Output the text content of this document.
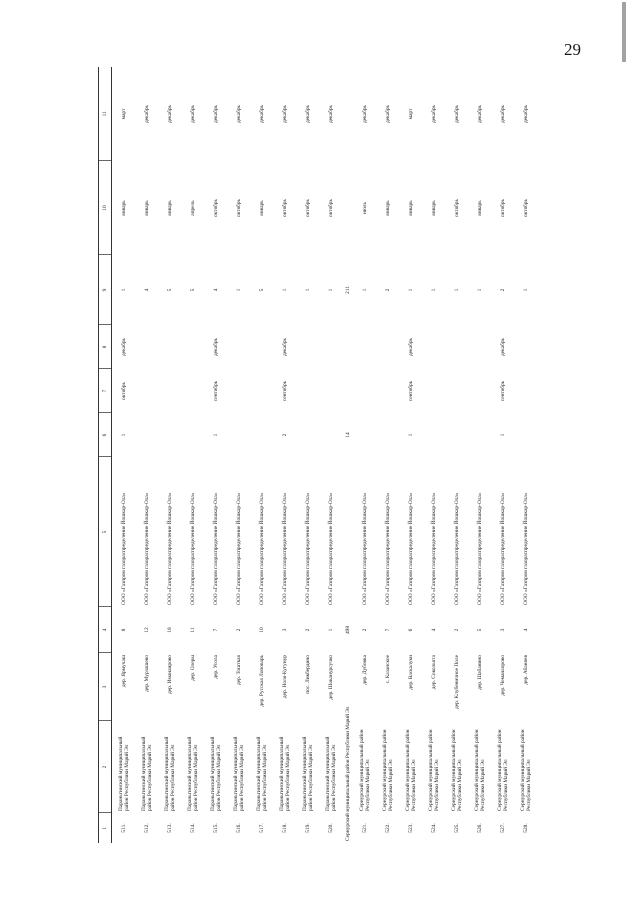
29
1	2	3	4	5	6	7	8	9	10	11
511.	Параньгинский муниципальный район Республики Марий Эл	дер. Ярмучаш	8	ООО «Газпром газораспределение Йошкар-Ола»	1	октябрь	декабрь	1	январь	март
512.	Параньгинский муниципальный район Республики Марий Эл	дер. Мурзашево	12	ООО «Газпром газораспределение Йошкар-Ола»				4	январь	декабрь
513.	Параньгинский муниципальный район Республики Марий Эл	дер. Иманаирово	18	ООО «Газпром газораспределение Йошкар-Ола»				5	январь	декабрь
514.	Параньгинский муниципальный район Республики Марий Эл	дер. Олеры	11	ООО «Газпром газораспределение Йошкар-Ола»				5	апрель	декабрь
515.	Параньгинский муниципальный район Республики Марий Эл	дер. Усола	7	ООО «Газпром газораспределение Йошкар-Ола»	1	сентябрь	декабрь	4	октябрь	декабрь
516.	Параньгинский муниципальный район Республики Марий Эл	дер. Тошткая	2	ООО «Газпром газораспределение Йошкар-Ола»				1	октябрь	декабрь
517.	Параньгинский муниципальный район Республики Марий Эл	дер. Русская Лоповарь	10	ООО «Газпром газораспределение Йошкар-Ола»				5	январь	декабрь
518.	Параньгинский муниципальный район Республики Марий Эл	дер. Ноля-Кугунур	3	ООО «Газпром газораспределение Йошкар-Ола»	2	сентябрь	декабрь	1	октябрь	декабрь
519.	Параньгинский муниципальный район Республики Марий Эл	пос. Ликбердино	2	ООО «Газпром газораспределение Йошкар-Ола»				1	октябрь	декабрь
520.	Параньгинский муниципальный район Республики Марий Эл	дер. Шоканурсучко	1	ООО «Газпром газораспределение Йошкар-Ола»				1	октябрь	декабрь
Сернурский муниципальный район Республики Марий Эл			498		14			211		
521.	Сернурский муниципальный район Республики Марий Эл	дер. Дубовка	2	ООО «Газпром газораспределение Йошкар-Ола»				1	июль	декабрь
522.	Сернурский муниципальный район Республики Марий Эл	с. Казанское	7	ООО «Газпром газораспределение Йошкар-Ола»				2	январь	декабрь
523.	Сернурский муниципальный район Республики Марий Эл	дер. Васкалуки	6	ООО «Газпром газораспределение Йошкар-Ола»	1	сентябрь	декабрь	1	январь	март
524.	Сернурский муниципальный район Республики Марий Эл	дер. Сокольята	4	ООО «Газпром газораспределение Йошкар-Ола»				1	январь	декабрь
525.	Сернурский муниципальный район Республики Марий Эл	дер. Клубеничное Поле	2	ООО «Газпром газораспределение Йошкар-Ола»				1	октябрь	декабрь
526.	Сернурский муниципальный район Республики Марий Эл	дер. Шабанино	5	ООО «Газпром газораспределение Йошкар-Ола»				1	январь	декабрь
527.	Сернурский муниципальный район Республики Марий Эл	дер. Чеманаорово	3	ООО «Газпром газораспределение Йошкар-Ола»	1	сентябрь	декабрь	2	октябрь	декабрь
528.	Сернурский муниципальный район Республики Марий Эл	дер. Абаняев	4	ООО «Газпром газораспределение Йошкар-Ола»				1	октябрь	декабрь
